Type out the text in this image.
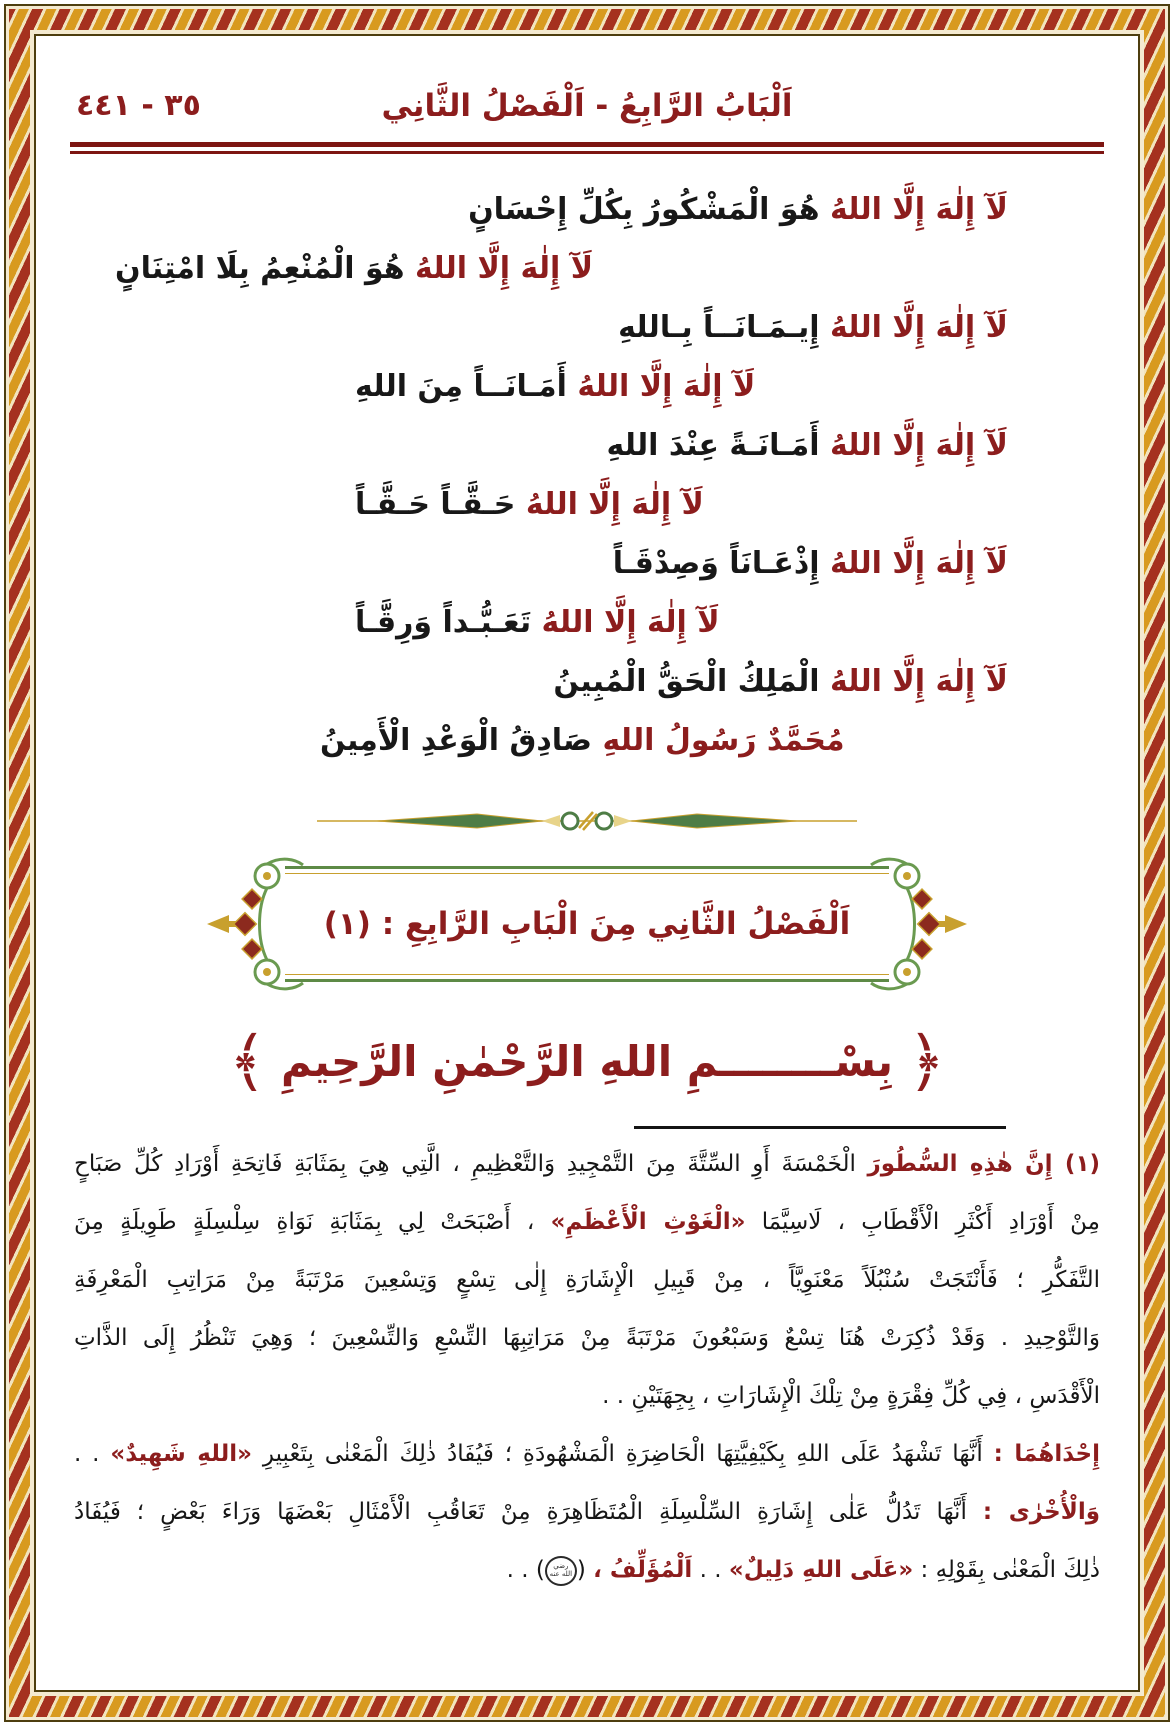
اَلْبَابُ الرَّابِعُ - اَلْفَصْلُ الثَّانِي
٣٥ - ٤٤١
لَآ إِلٰهَ إِلَّا اللهُ هُوَ الْمَشْكُورُ بِكُلِّ إِحْسَانٍ
لَآ إِلٰهَ إِلَّا اللهُ هُوَ الْمُنْعِمُ بِلَا امْتِنَانٍ
لَآ إِلٰهَ إِلَّا اللهُ إِيـمَـانَــاً بِـاللهِ
لَآ إِلٰهَ إِلَّا اللهُ أَمَـانَــاً مِنَ اللهِ
لَآ إِلٰهَ إِلَّا اللهُ أَمَـانَـةً عِنْدَ اللهِ
لَآ إِلٰهَ إِلَّا اللهُ حَـقَّـاً حَـقَّـاً
لَآ إِلٰهَ إِلَّا اللهُ إِذْعَـانَاً وَصِدْقَـاً
لَآ إِلٰهَ إِلَّا اللهُ تَعَـبُّـداً وَرِقَّـاً
لَآ إِلٰهَ إِلَّا اللهُ الْمَلِكُ الْحَقُّ الْمُبِينُ
مُحَمَّدٌ رَسُولُ اللهِ صَادِقُ الْوَعْدِ الْأَمِينُ
اَلْفَصْلُ الثَّانِي مِنَ الْبَابِ الرَّابِعِ : (١)
﴿بِسْــــــــمِ اللهِ الرَّحْمٰنِ الرَّحِيمِ﴾
(١) إِنَّ هٰذِهِ السُّطُورَ الْخَمْسَةَ أَوِ السِّتَّةَ مِنَ التَّمْجِيدِ وَالتَّعْظِيمِ ، الَّتِي هِيَ بِمَثَابَةِ فَاتِحَةِ أَوْرَادِ كُلِّ صَبَاحٍ
مِنْ أَوْرَادِ أَكْثَرِ الْأَقْطَابِ ، لَاسِيَّمَا «الْغَوْثِ الْأَعْظَمِ» ، أَصْبَحَتْ لِي بِمَثَابَةِ نَوَاةِ سِلْسِلَةٍ طَوِيلَةٍ مِنَ
التَّفَكُّرِ ؛ فَأَنْتَجَتْ سُنْبُلَاً مَعْنَوِيَّاً ، مِنْ قَبِيلِ الْإِشَارَةِ إِلٰى تِسْعٍ وَتِسْعِينَ مَرْتَبَةً مِنْ مَرَاتِبِ الْمَعْرِفَةِ
وَالتَّوْحِيدِ . وَقَدْ ذُكِرَتْ هُنَا تِسْعٌ وَسَبْعُونَ مَرْتَبَةً مِنْ مَرَاتِبِهَا التِّسْعِ وَالتِّسْعِينَ ؛ وَهِيَ تَنْظُرُ إِلَى الذَّاتِ
الْأَقْدَسِ ، فِي كُلِّ فِقْرَةٍ مِنْ تِلْكَ الْإِشَارَاتِ ، بِجِهَتَيْنِ . .
إِحْدَاهُمَا : أَنَّهَا تَشْهَدُ عَلَى اللهِ بِكَيْفِيَّتِهَا الْحَاضِرَةِ الْمَشْهُودَةِ ؛ فَيُفَادُ ذٰلِكَ الْمَعْنٰى بِتَعْبِيرِ «اللهِ شَهِيدٌ» . .
وَالْأُخْرٰى : أَنَّهَا تَدُلُّ عَلٰى إِشَارَةِ السِّلْسِلَةِ الْمُتَظَاهِرَةِ مِنْ تَعَاقُبِ الْأَمْثَالِ بَعْضَهَا وَرَاءَ بَعْضٍ ؛ فَيُفَادُ
ذٰلِكَ الْمَعْنٰى بِقَوْلِهِ : «عَلَى اللهِ دَلِيلٌ» . . اَلْمُؤَلِّفُ ، (رضي الله عنه) . .
